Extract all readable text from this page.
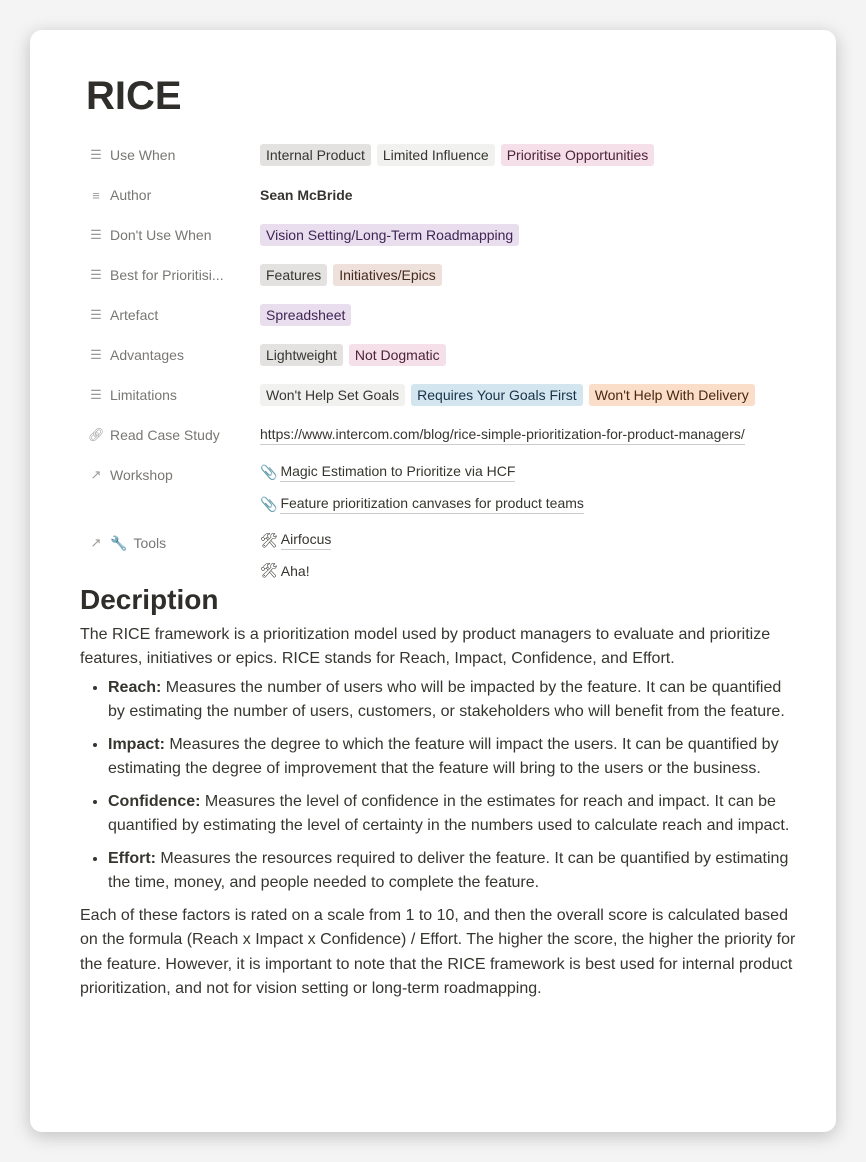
RICE
☰ Use When	Internal Product	Limited Influence	Prioritise Opportunities
≡ Author	Sean McBride
☰ Don't Use When	Vision Setting/Long-Term Roadmapping
☰ Best for Prioritisi...	Features	Initiatives/Epics
☰ Artefact	Spreadsheet
☰ Advantages	Lightweight	Not Dogmatic
☰ Limitations	Won't Help Set Goals	Requires Your Goals First	Won't Help With Delivery
🔗︎ Read Case Study	https://www.intercom.com/blog/rice-simple-prioritization-for-product-managers/
↗ Workshop	📎 Magic Estimation to Prioritize via HCF
📎 Feature prioritization canvases for product teams
↗ 🔧 Tools	🛠 Airfocus
🛠 Aha!
Decription

The RICE framework is a prioritization model used by product managers to evaluate and prioritize features, initiatives or epics. RICE stands for Reach, Impact, Confidence, and Effort.

• Reach: Measures the number of users who will be impacted by the feature. It can be quantified by estimating the number of users, customers, or stakeholders who will benefit from the feature.
• Impact: Measures the degree to which the feature will impact the users. It can be quantified by estimating the degree of improvement that the feature will bring to the users or the business.
• Confidence: Measures the level of confidence in the estimates for reach and impact. It can be quantified by estimating the level of certainty in the numbers used to calculate reach and impact.
• Effort: Measures the resources required to deliver the feature. It can be quantified by estimating the time, money, and people needed to complete the feature.

Each of these factors is rated on a scale from 1 to 10, and then the overall score is calculated based on the formula (Reach x Impact x Confidence) / Effort. The higher the score, the higher the priority for the feature. However, it is important to note that the RICE framework is best used for internal product prioritization, and not for vision setting or long-term roadmapping.
